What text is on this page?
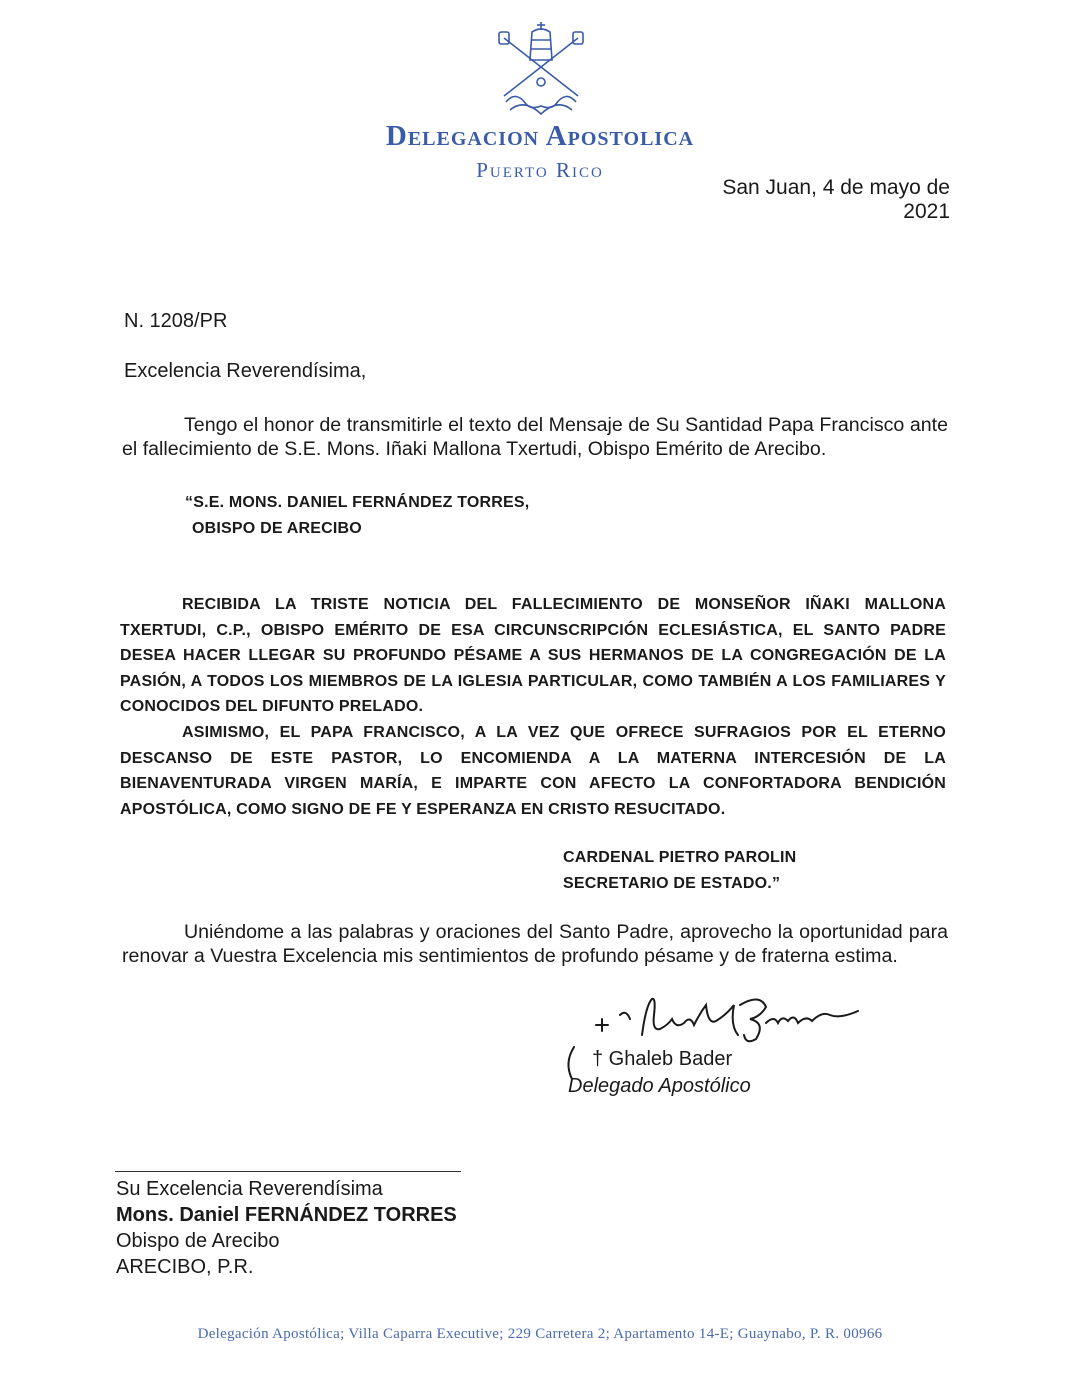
Delegacion Apostolica
Puerto Rico
San Juan, 4 de mayo de 2021
N. 1208/PR
Excelencia Reverendísima,
Tengo el honor de transmitirle el texto del Mensaje de Su Santidad Papa Francisco ante el fallecimiento de S.E. Mons. Iñaki Mallona Txertudi, Obispo Emérito de Arecibo.
“S.E. MONS. DANIEL FERNÁNDEZ TORRES,
OBISPO DE ARECIBO
RECIBIDA LA TRISTE NOTICIA DEL FALLECIMIENTO DE MONSEÑOR IÑAKI MALLONA TXERTUDI, C.P., OBISPO EMÉRITO DE ESA CIRCUNSCRIPCIÓN ECLESIÁSTICA, EL SANTO PADRE DESEA HACER LLEGAR SU PROFUNDO PÉSAME A SUS HERMANOS DE LA CONGREGACIÓN DE LA PASIÓN, A TODOS LOS MIEMBROS DE LA IGLESIA PARTICULAR, COMO TAMBIÉN A LOS FAMILIARES Y CONOCIDOS DEL DIFUNTO PRELADO.
ASIMISMO, EL PAPA FRANCISCO, A LA VEZ QUE OFRECE SUFRAGIOS POR EL ETERNO DESCANSO DE ESTE PASTOR, LO ENCOMIENDA A LA MATERNA INTERCESIÓN DE LA BIENAVENTURADA VIRGEN MARÍA, E IMPARTE CON AFECTO LA CONFORTADORA BENDICIÓN APOSTÓLICA, COMO SIGNO DE FE Y ESPERANZA EN CRISTO RESUCITADO.
CARDENAL PIETRO PAROLIN
SECRETARIO DE ESTADO.”
Uniéndome a las palabras y oraciones del Santo Padre, aprovecho la oportunidad para renovar a Vuestra Excelencia mis sentimientos de profundo pésame y de fraterna estima.
† Ghaleb Bader
Delegado Apostólico
Su Excelencia Reverendísima
Mons. Daniel FERNÁNDEZ TORRES
Obispo de Arecibo
ARECIBO, P.R.
Delegación Apostólica; Villa Caparra Executive; 229 Carretera 2; Apartamento 14-E; Guaynabo, P. R. 00966
